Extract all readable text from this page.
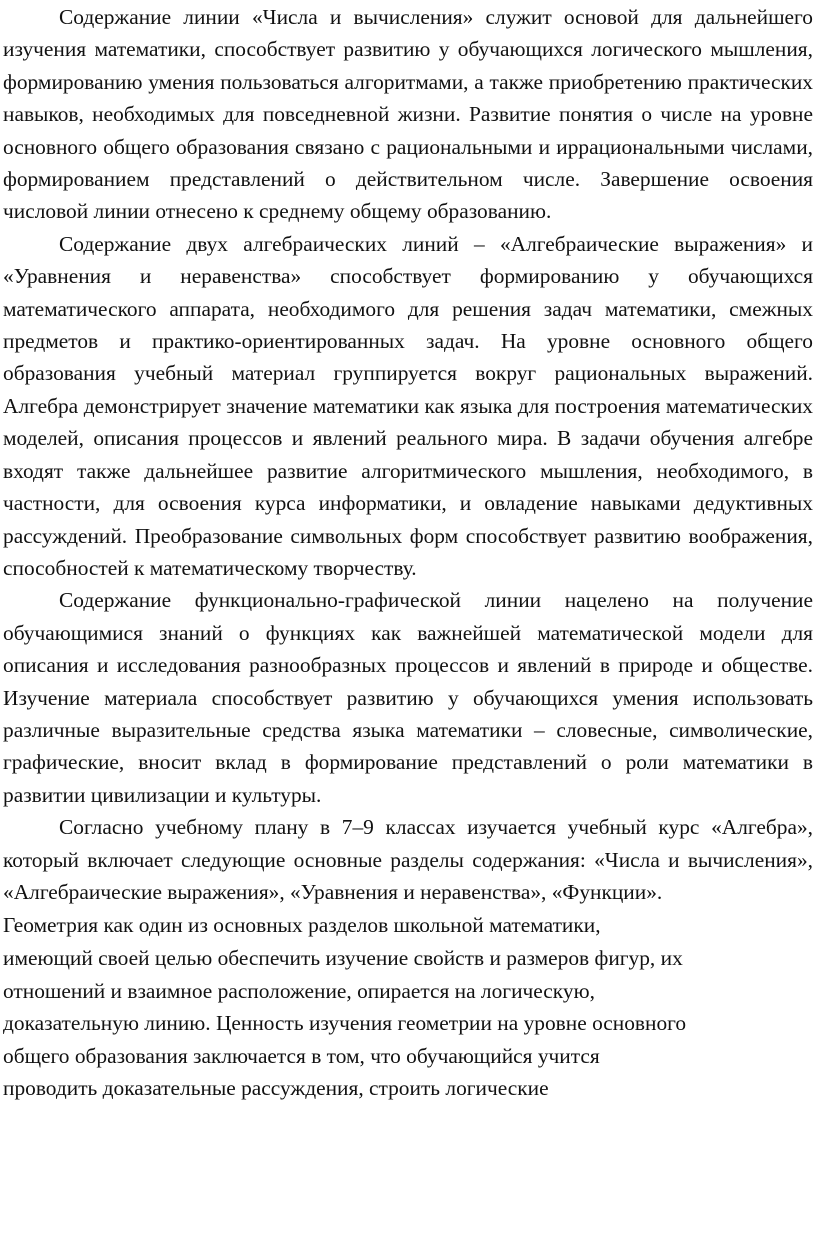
Содержание линии «Числа и вычисления» служит основой для дальнейшего изучения математики, способствует развитию у обучающихся логического мышления, формированию умения пользоваться алгоритмами, а также приобретению практических навыков, необходимых для повседневной жизни. Развитие понятия о числе на уровне основного общего образования связано с рациональными и иррациональными числами, формированием представлений о действительном числе. Завершение освоения числовой линии отнесено к среднему общему образованию.

Содержание двух алгебраических линий – «Алгебраические выражения» и «Уравнения и неравенства» способствует формированию у обучающихся математического аппарата, необходимого для решения задач математики, смежных предметов и практико-ориентированных задач. На уровне основного общего образования учебный материал группируется вокруг рациональных выражений. Алгебра демонстрирует значение математики как языка для построения математических моделей, описания процессов и явлений реального мира. В задачи обучения алгебре входят также дальнейшее развитие алгоритмического мышления, необходимого, в частности, для освоения курса информатики, и овладение навыками дедуктивных рассуждений. Преобразование символьных форм способствует развитию воображения, способностей к математическому творчеству.

Содержание функционально-графической линии нацелено на получение обучающимися знаний о функциях как важнейшей математической модели для описания и исследования разнообразных процессов и явлений в природе и обществе. Изучение материала способствует развитию у обучающихся умения использовать различные выразительные средства языка математики – словесные, символические, графические, вносит вклад в формирование представлений о роли математики в развитии цивилизации и культуры.

Согласно учебному плану в 7–9 классах изучается учебный курс «Алгебра», который включает следующие основные разделы содержания: «Числа и вычисления», «Алгебраические выражения», «Уравнения и неравенства», «Функции».

Геометрия как один из основных разделов школьной математики,
имеющий своей целью обеспечить изучение свойств и размеров фигур, их
отношений и взаимное расположение, опирается на логическую,
доказательную линию. Ценность изучения геометрии на уровне основного
общего образования заключается в том, что обучающийся учится
проводить доказательные рассуждения, строить логические
